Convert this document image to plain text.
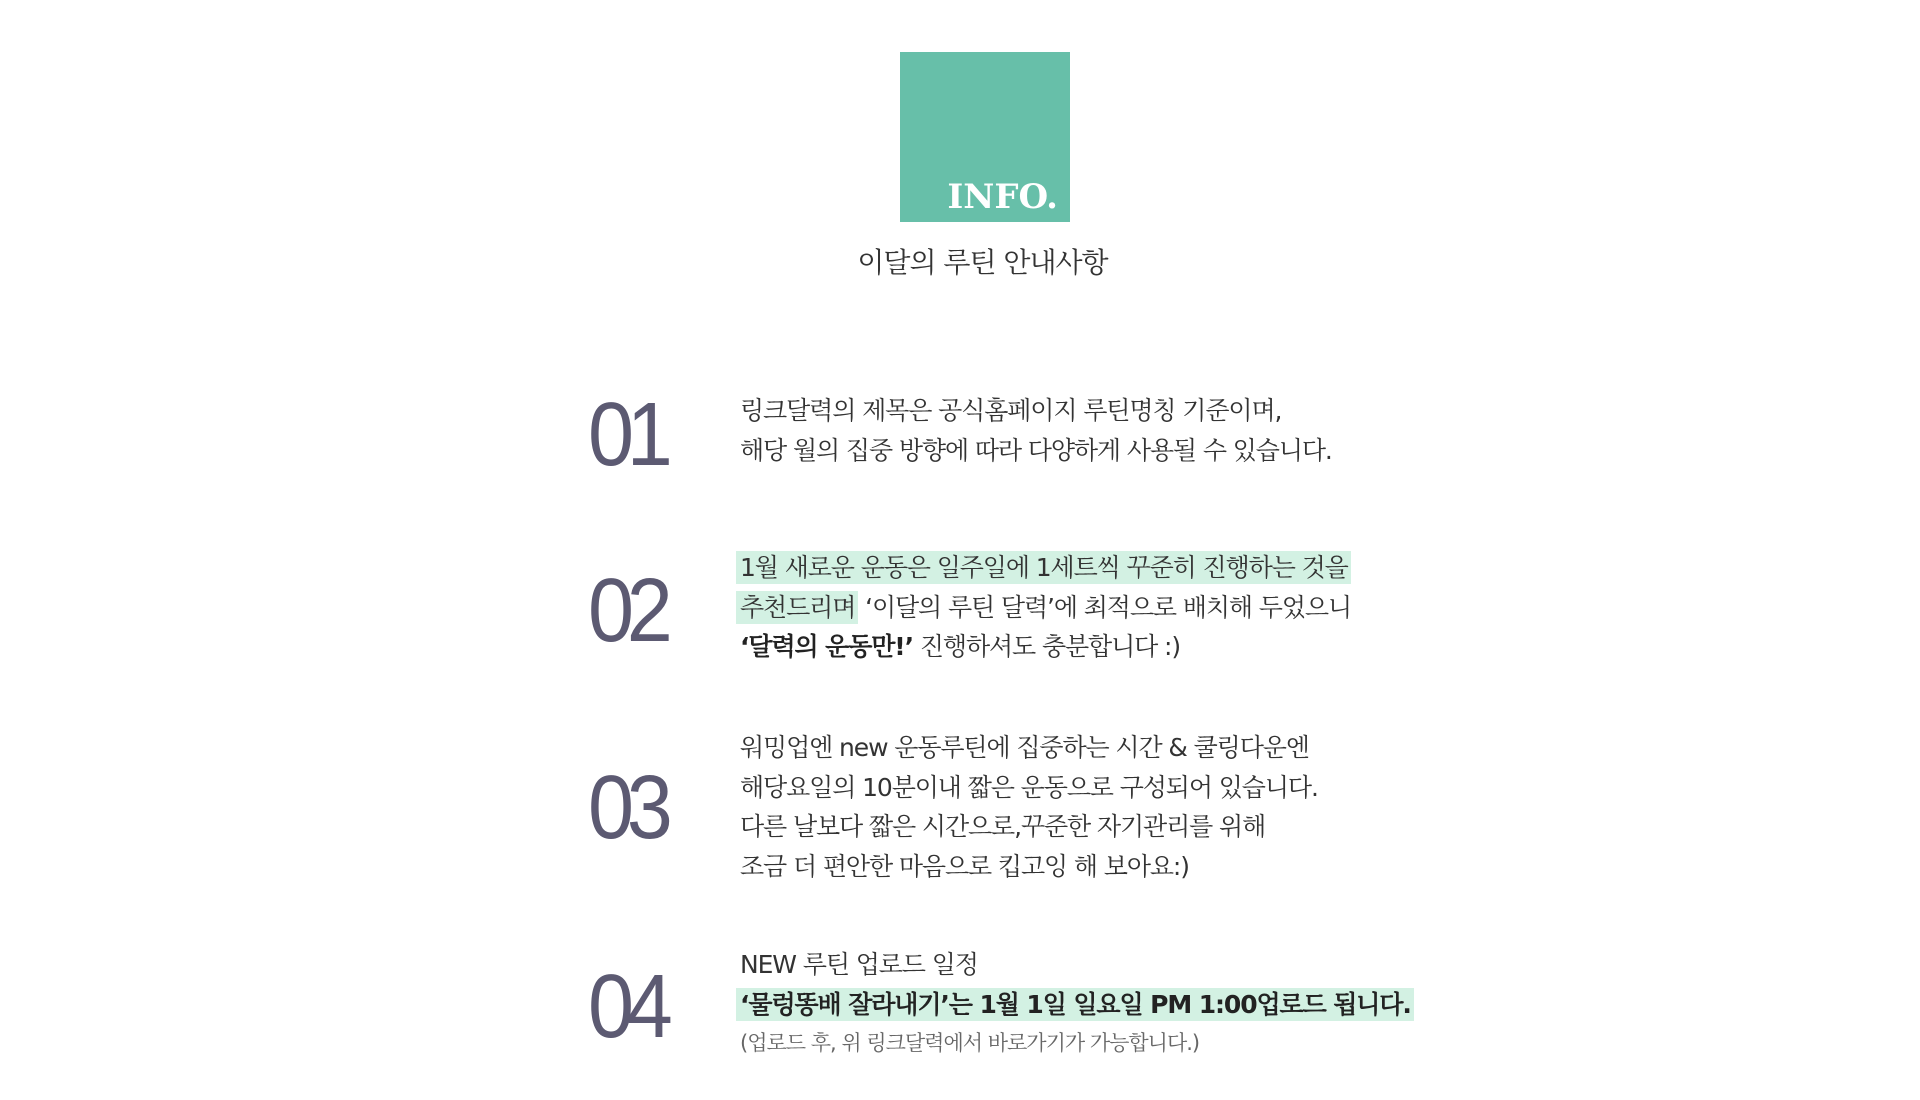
INFO.
이달의 루틴 안내사항
01	링크달력의 제목은 공식홈페이지 루틴명칭 기준이며,
해당 월의 집중 방향에 따라 다양하게 사용될 수 있습니다.
02	1월 새로운 운동은 일주일에 1세트씩 꾸준히 진행하는 것을
추천드리며 ‘이달의 루틴 달력’에 최적으로 배치해 두었으니
‘달력의 운동만!’ 진행하셔도 충분합니다 :)
03
워밍업엔 new 운동루틴에 집중하는 시간 & 쿨링다운엔
해당요일의 10분이내 짧은 운동으로 구성되어 있습니다.
다른 날보다 짧은 시간으로,꾸준한 자기관리를 위해
조금 더 편안한 마음으로 킵고잉 해 보아요:)
04	NEW 루틴 업로드 일정
‘물렁똥배 잘라내기’는 1월 1일 일요일 PM 1:00업로드 됩니다.
(업로드 후, 위 링크달력에서 바로가기가 가능합니다.)
